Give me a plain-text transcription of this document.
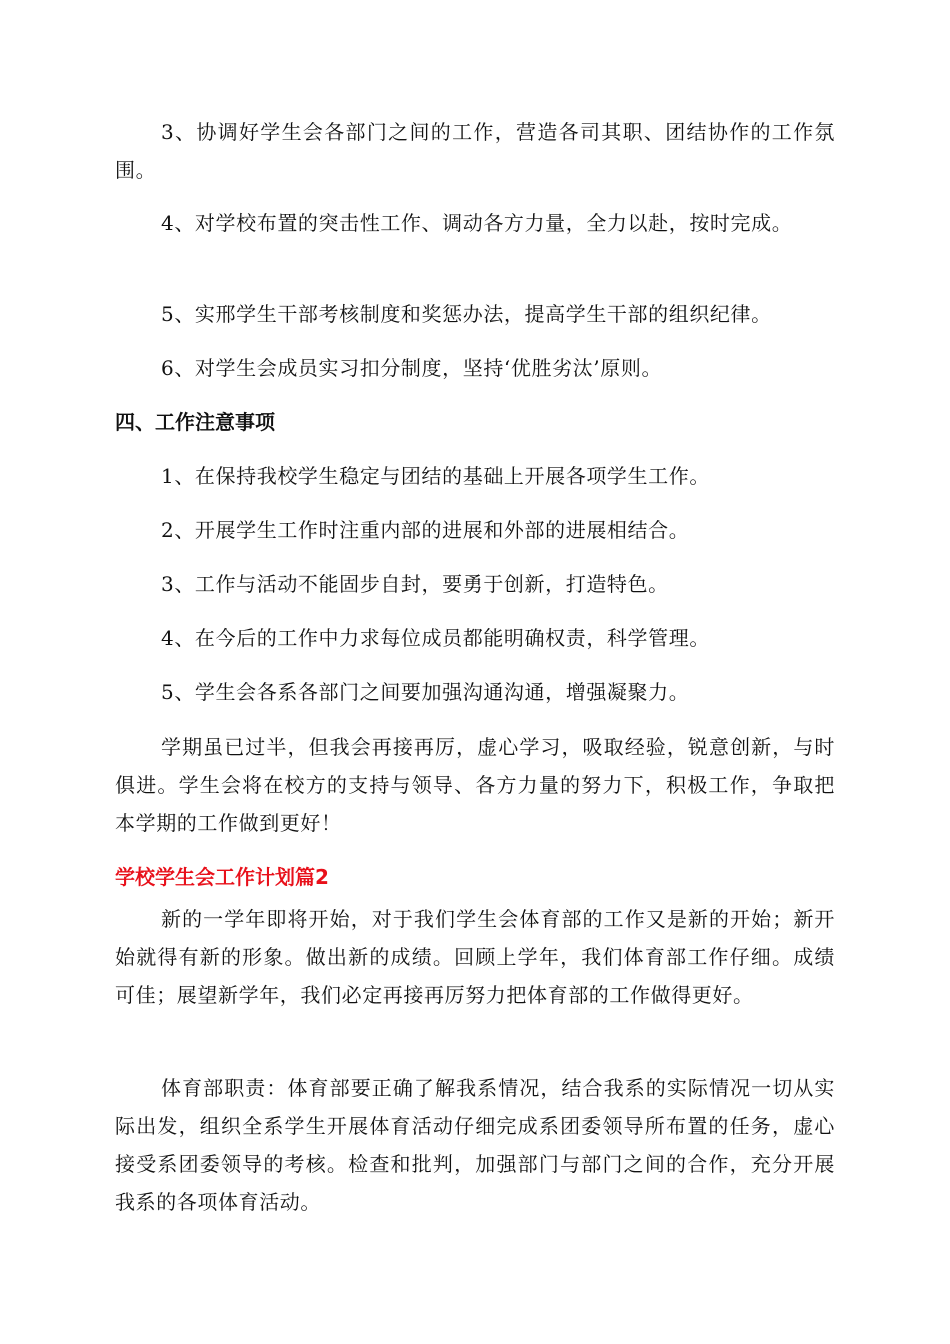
3、协调好学生会各部门之间的工作，营造各司其职、团结协作的工作氛围。

4、对学校布置的突击性工作、调动各方力量，全力以赴，按时完成。

5、实邢学生干部考核制度和奖惩办法，提高学生干部的组织纪律。

6、对学生会成员实习扣分制度，坚持‘优胜劣汰’原则。

四、工作注意事项

1、在保持我校学生稳定与团结的基础上开展各项学生工作。

2、开展学生工作时注重内部的进展和外部的进展相结合。

3、工作与活动不能固步自封，要勇于创新，打造特色。

4、在今后的工作中力求每位成员都能明确权责，科学管理。

5、学生会各系各部门之间要加强沟通沟通，增强凝聚力。

学期虽已过半，但我会再接再厉，虚心学习，吸取经验，锐意创新，与时俱进。学生会将在校方的支持与领导、各方力量的努力下，积极工作，争取把本学期的工作做到更好！

学校学生会工作计划篇2

新的一学年即将开始，对于我们学生会体育部的工作又是新的开始；新开始就得有新的形象。做出新的成绩。回顾上学年，我们体育部工作仔细。成绩可佳；展望新学年，我们必定再接再厉努力把体育部的工作做得更好。

体育部职责：体育部要正确了解我系情况，结合我系的实际情况一切从实际出发，组织全系学生开展体育活动仔细完成系团委领导所布置的任务，虚心接受系团委领导的考核。检查和批判，加强部门与部门之间的合作，充分开展我系的各项体育活动。
